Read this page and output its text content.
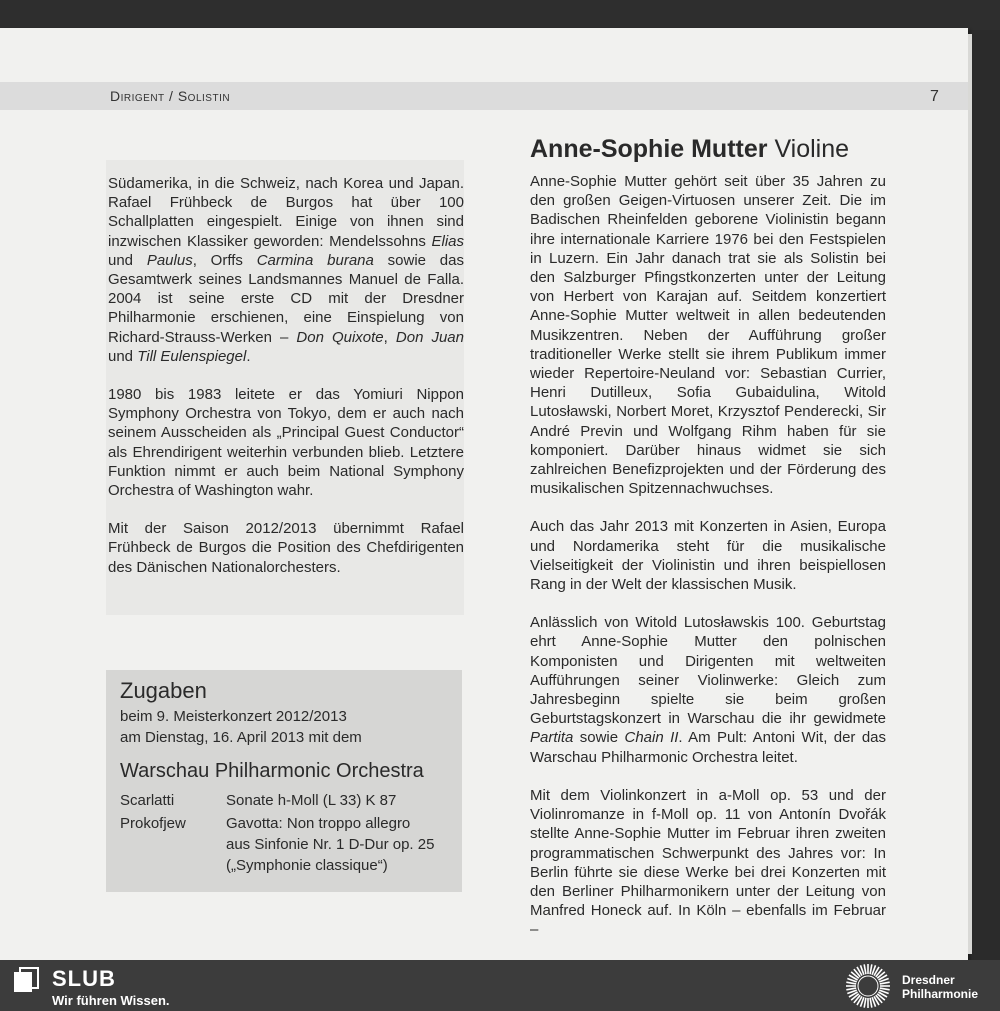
Dirigent / Solistin	7

Südamerika, in die Schweiz, nach Korea und Japan. Rafael Frühbeck de Burgos hat über 100 Schallplatten eingespielt. Einige von ihnen sind inzwischen Klassiker geworden: Mendelssohns Elias und Paulus, Orffs Carmina burana sowie das Gesamtwerk seines Landsmannes Manuel de Falla. 2004 ist seine erste CD mit der Dresdner Philharmonie erschienen, eine Einspielung von Richard-Strauss-Werken – Don Quixote, Don Juan und Till Eulenspiegel.

1980 bis 1983 leitete er das Yomiuri Nippon Symphony Orchestra von Tokyo, dem er auch nach seinem Ausscheiden als „Principal Guest Conductor“ als Ehrendirigent weiterhin verbunden blieb. Letztere Funktion nimmt er auch beim National Symphony Orchestra of Washington wahr.

Mit der Saison 2012/2013 übernimmt Rafael Frühbeck de Burgos die Position des Chefdirigenten des Dänischen Nationalorchesters.

Zugaben
beim 9. Meisterkonzert 2012/2013
am Dienstag, 16. April 2013 mit dem
Warschau Philharmonic Orchestra
Scarlatti	Sonate h-Moll (L 33) K 87
Prokofjew	Gavotta: Non troppo allegro
aus Sinfonie Nr. 1 D-Dur op. 25
(„Symphonie classique“)
Anne-Sophie Mutter Violine

Anne-Sophie Mutter gehört seit über 35 Jahren zu den großen Geigen-Virtuosen unserer Zeit. Die im Badischen Rheinfelden geborene Violinistin begann ihre internationale Karriere 1976 bei den Festspielen in Luzern. Ein Jahr danach trat sie als Solistin bei den Salzburger Pfingstkonzerten unter der Leitung von Herbert von Karajan auf. Seitdem konzertiert Anne-Sophie Mutter weltweit in allen bedeutenden Musikzentren. Neben der Aufführung großer traditioneller Werke stellt sie ihrem Publikum immer wieder Repertoire-Neuland vor: Sebastian Currier, Henri Dutilleux, Sofia Gubaidulina, Witold Lutosławski, Norbert Moret, Krzysztof Penderecki, Sir André Previn und Wolfgang Rihm haben für sie komponiert. Darüber hinaus widmet sie sich zahlreichen Benefizprojekten und der Förderung des musikalischen Spitzennachwuchses.

Auch das Jahr 2013 mit Konzerten in Asien, Europa und Nordamerika steht für die musikalische Vielseitigkeit der Violinistin und ihren beispiellosen Rang in der Welt der klassischen Musik.

Anlässlich von Witold Lutosławskis 100. Geburtstag ehrt Anne-Sophie Mutter den polnischen Komponisten und Dirigenten mit weltweiten Aufführungen seiner Violinwerke: Gleich zum Jahresbeginn spielte sie beim großen Geburtstagskonzert in Warschau die ihr gewidmete Partita sowie Chain II. Am Pult: Antoni Wit, der das Warschau Philharmonic Orchestra leitet.

Mit dem Violinkonzert in a-Moll op. 53 und der Violinromanze in f-Moll op. 11 von Antonín Dvořák stellte Anne-Sophie Mutter im Februar ihren zweiten programmatischen Schwerpunkt des Jahres vor: In Berlin führte sie diese Werke bei drei Konzerten mit den Berliner Philharmonikern unter der Leitung von Manfred Honeck auf. In Köln – ebenfalls im Februar –

SLUB
Wir führen Wissen.
Dresdner
Philharmonie
